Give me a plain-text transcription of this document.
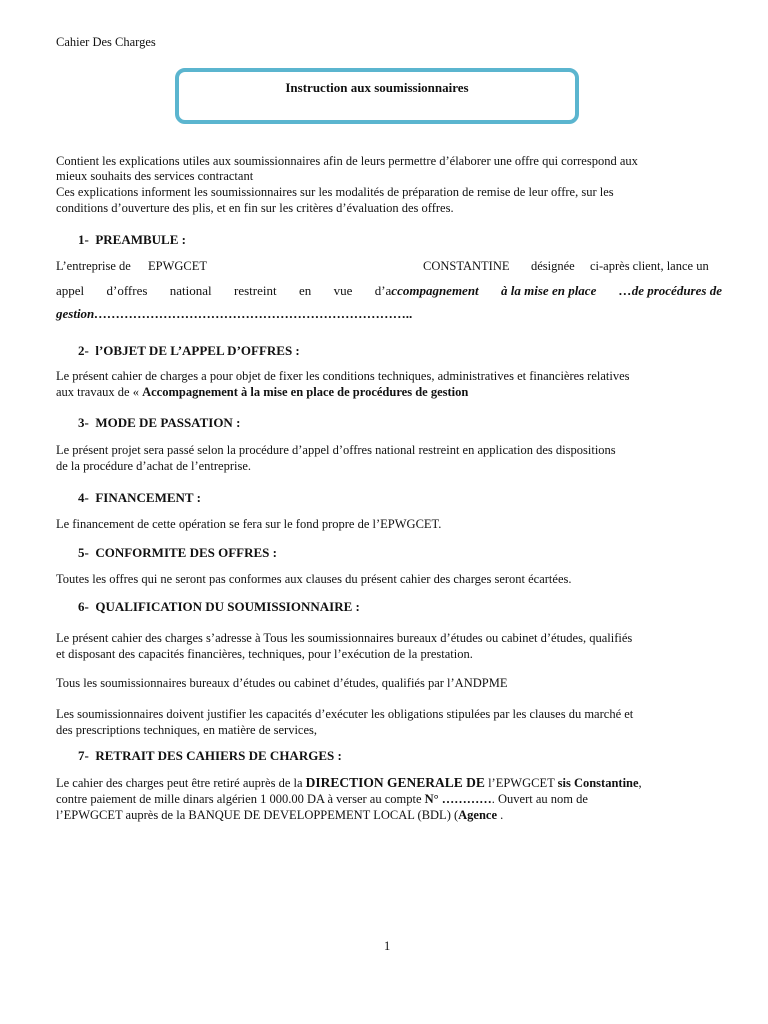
Cahier Des Charges
Instruction aux soumissionnaires
Contient les explications utiles aux soumissionnaires afin de leurs permettre d’élaborer une offre qui correspond aux
mieux souhaits des services contractant
Ces explications informent les soumissionnaires sur les modalités de préparation de remise de leur offre, sur les
conditions d’ouverture des plis, et en fin sur les critères d’évaluation des offres.
1- PREAMBULE :
L’entreprise de EPWGCET	CONSTANTINE désignée ci-après client, lance un
appel d’offres national restreint en vue d’accompagnement à la mise en place …de procédures de
gestion………………………………………………………………..
2- l’OBJET DE L’APPEL D’OFFRES :
Le présent cahier de charges a pour objet de fixer les conditions techniques, administratives et financières relatives
aux travaux de « Accompagnement à la mise en place de procédures de gestion
3- MODE DE PASSATION :
Le présent projet sera passé selon la procédure d’appel d’offres national restreint en application des dispositions
de la procédure d’achat de l’entreprise.
4- FINANCEMENT :
Le financement de cette opération se fera sur le fond propre de l’EPWGCET.
5- CONFORMITE DES OFFRES :
Toutes les offres qui ne seront pas conformes aux clauses du présent cahier des charges seront écartées.
6- QUALIFICATION DU SOUMISSIONNAIRE :
Le présent cahier des charges s’adresse à Tous les soumissionnaires bureaux d’études ou cabinet d’études, qualifiés
et disposant des capacités financières, techniques, pour l’exécution de la prestation.
Tous les soumissionnaires bureaux d’études ou cabinet d’études, qualifiés par l’ANDPME
Les soumissionnaires doivent justifier les capacités d’exécuter les obligations stipulées par les clauses du marché et
des prescriptions techniques, en matière de services,
7- RETRAIT DES CAHIERS DE CHARGES :
Le cahier des charges peut être retiré auprès de la DIRECTION GENERALE DE l’EPWGCET sis Constantine,
contre paiement de mille dinars algérien 1 000.00 DA à verser au compte N° …………. Ouvert au nom de
l’EPWGCET auprès de la BANQUE DE DEVELOPPEMENT LOCAL (BDL) (Agence .
1
